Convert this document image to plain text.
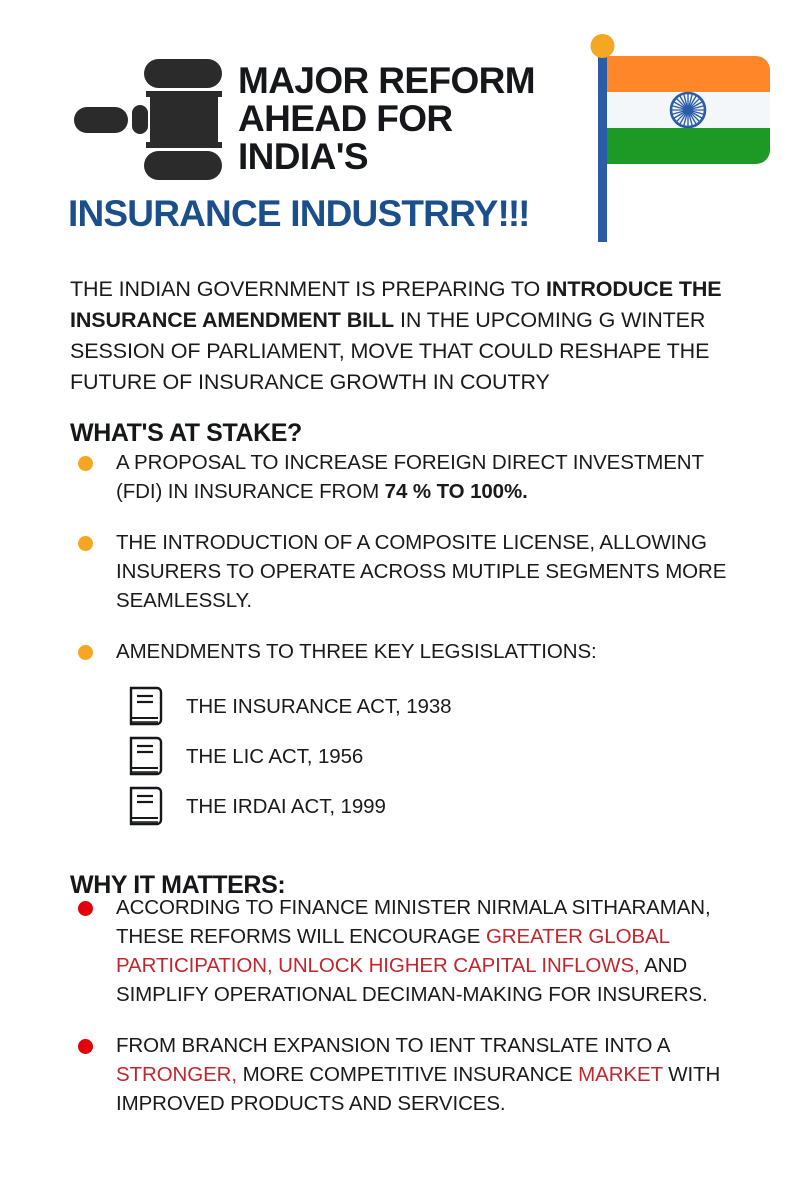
MAJOR REFORM
AHEAD FOR
INDIA'S
INSURANCE INDUSTRRY!!!

THE INDIAN GOVERNMENT IS PREPARING TO INTRODUCE THE INSURANCE AMENDMENT BILL IN THE UPCOMING G WINTER SESSION OF PARLIAMENT, MOVE THAT COULD RESHAPE THE FUTURE OF INSURANCE GROWTH IN COUTRY

WHAT'S AT STAKE?
A PROPOSAL TO INCREASE FOREIGN DIRECT INVESTMENT (FDI) IN INSURANCE FROM 74 % TO 100%.
THE INTRODUCTION OF A COMPOSITE LICENSE, ALLOWING INSURERS TO OPERATE ACROSS MUTIPLE SEGMENTS MORE SEAMLESSLY.
AMENDMENTS TO THREE KEY LEGSISLATTIONS:
THE INSURANCE ACT, 1938
THE LIC ACT, 1956
THE IRDAI ACT, 1999
WHY IT MATTERS:
ACCORDING TO FINANCE MINISTER NIRMALA SITHARAMAN, THESE REFORMS WILL ENCOURAGE GREATER GLOBAL PARTICIPATION, UNLOCK HIGHER CAPITAL INFLOWS, AND SIMPLIFY OPERATIONAL DECIMAN-MAKING FOR INSURERS.
FROM BRANCH EXPANSION TO IENT TRANSLATE INTO A STRONGER, MORE COMPETITIVE INSURANCE MARKET WITH IMPROVED PRODUCTS AND SERVICES.
